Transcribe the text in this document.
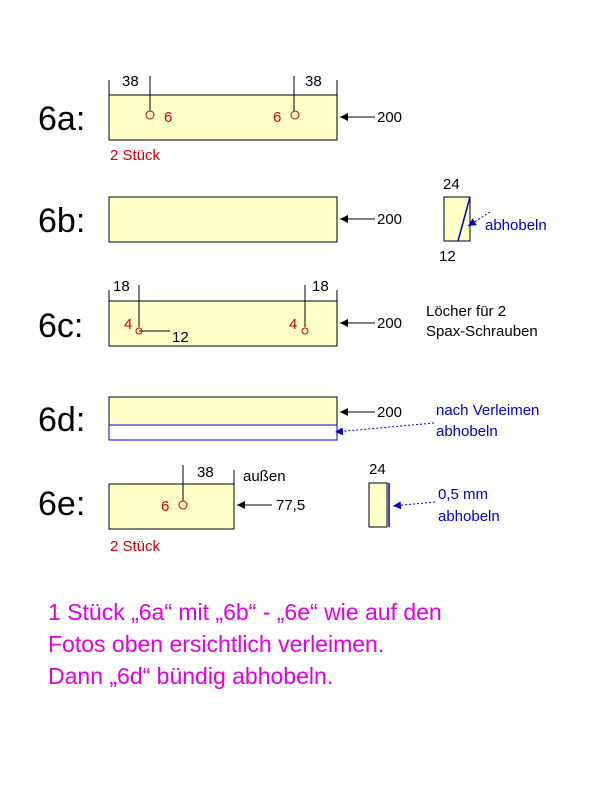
6a:
38	38
6	6	200
2 Stück
6b:	200
24
12
abhobeln
6c:
18	18
4	4
12
200
Löcher für 2
Spax-Schrauben
6d:	200 nach Verleimen
abhobeln
6e:
38 außen
6	77,5
2 Stück
24
0,5 mm
abhobeln
1 Stück „6a“ mit „6b“ - „6e“ wie auf den
Fotos oben ersichtlich verleimen.
Dann „6d“ bündig abhobeln.
